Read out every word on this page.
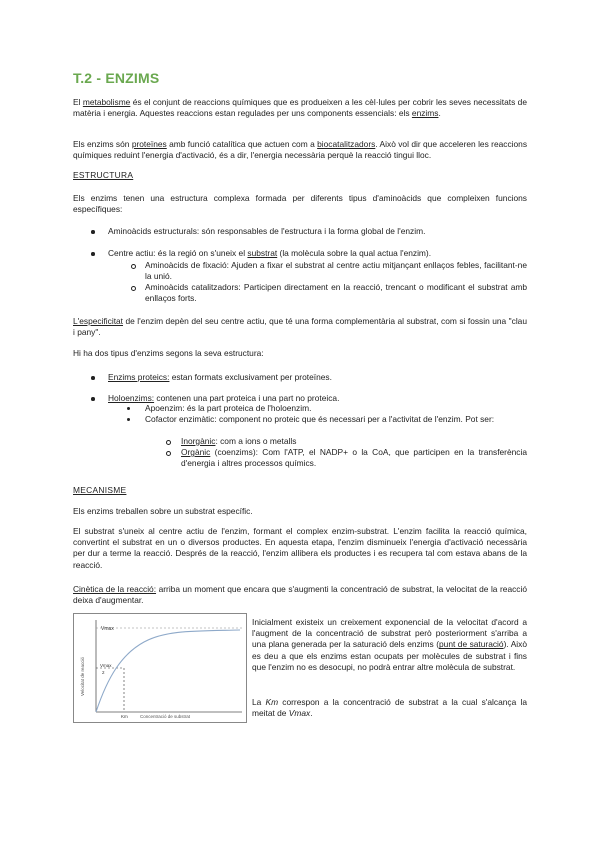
T.2 - ENZIMS

El metabolisme és el conjunt de reaccions químiques que es produeixen a les cèl·lules per cobrir les seves necessitats de matèria i energia. Aquestes reaccions estan regulades per uns components essencials: els enzims.

Els enzims són proteïnes amb funció catalítica que actuen com a biocatalitzadors. Això vol dir que acceleren les reaccions químiques reduint l'energia d'activació, és a dir, l'energia necessària perquè la reacció tingui lloc.

ESTRUCTURA

Els enzims tenen una estructura complexa formada per diferents tipus d'aminoàcids que compleixen funcions específiques:

Aminoàcids estructurals: són responsables de l'estructura i la forma global de l'enzim.

Centre actiu: és la regió on s'uneix el substrat (la molècula sobre la qual actua l'enzim).

Aminoàcids de fixació: Ajuden a fixar el substrat al centre actiu mitjançant enllaços febles, facilitant-ne la unió.

Aminoàcids catalitzadors: Participen directament en la reacció, trencant o modificant el substrat amb enllaços forts.

L'especificitat de l'enzim depèn del seu centre actiu, que té una forma complementària al substrat, com si fossin una "clau i pany".

Hi ha dos tipus d'enzims segons la seva estructura:

Enzims proteics: estan formats exclusivament per proteïnes.

Holoenzims: contenen una part proteica i una part no proteica.

Apoenzim: és la part proteica de l'holoenzim.

Cofactor enzimàtic: component no proteic que és necessari per a l'activitat de l'enzim. Pot ser:

Inorgànic: com a ions o metalls

Orgànic (coenzims): Com l'ATP, el NADP+ o la CoA, que participen en la transferència d'energia i altres processos químics.

MECANISME

Els enzims treballen sobre un substrat específic.

El substrat s'uneix al centre actiu de l'enzim, formant el complex enzim-substrat. L'enzim facilita la reacció química, convertint el substrat en un o diversos productes. En aquesta etapa, l'enzim disminueix l'energia d'activació necessària per dur a terme la reacció. Després de la reacció, l'enzim allibera els productes i es recupera tal com estava abans de la reacció.

Cinètica de la reacció: arriba un moment que encara que s'augmenti la concentració de substrat, la velocitat de la reacció deixa d'augmentar.

Vmax
Vmax
2
Km	Concentració de substrat
Velocitat de reacció

Inicialment existeix un creixement exponencial de la velocitat d'acord a l'augment de la concentració de substrat però posteriorment s'arriba a una plana generada per la saturació dels enzims (punt de saturació). Això es deu a que els enzims estan ocupats per molècules de substrat i fins que l'enzim no es desocupi, no podrà entrar altre molècula de substrat.

La Km correspon a la concentració de substrat a la cual s'alcança la meitat de Vmax.
